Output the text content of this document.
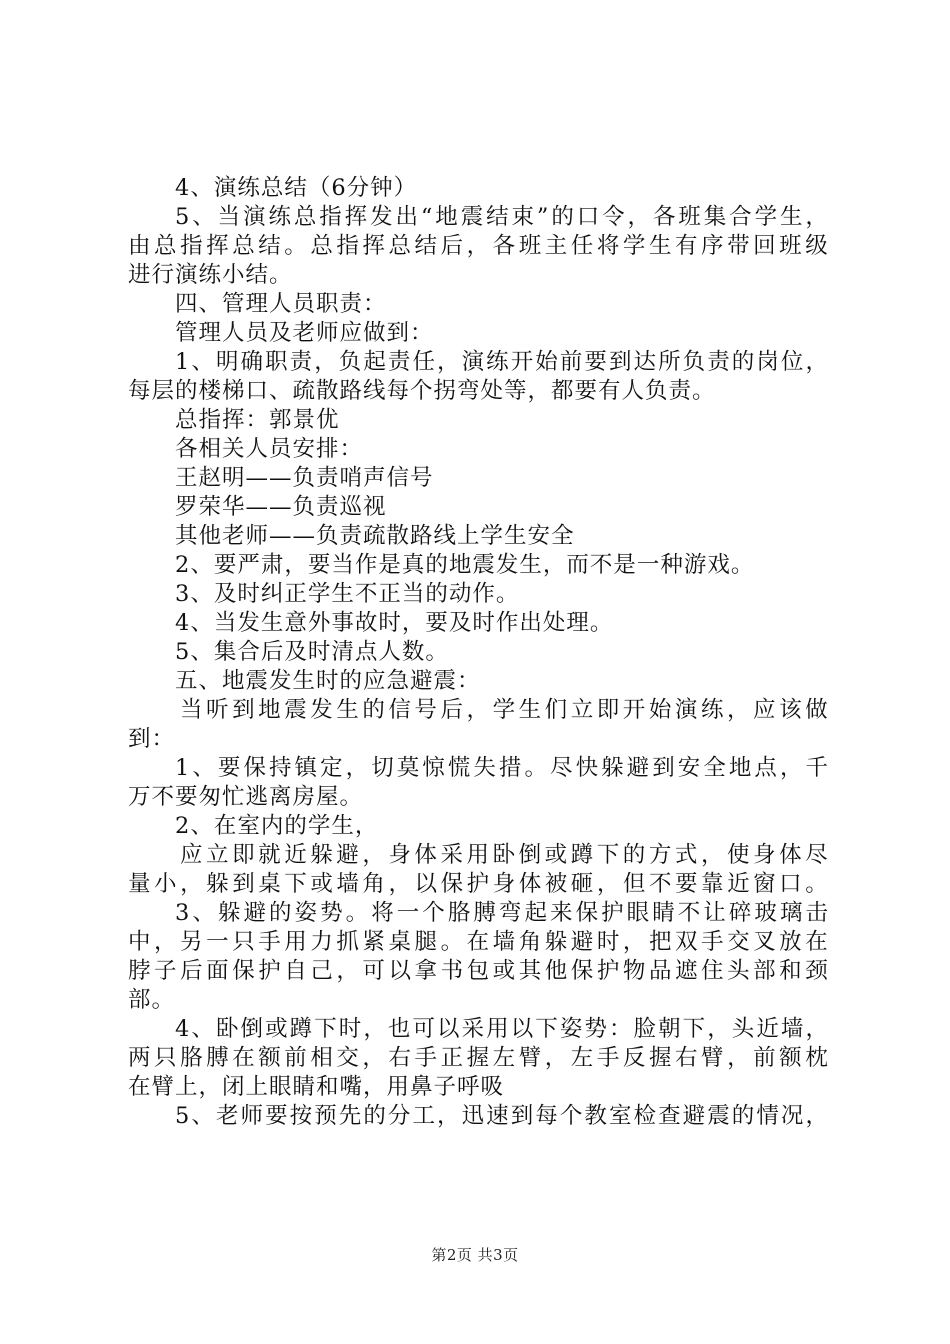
4、演练总结（6分钟）
5 、 当 演 练 总 指 挥 发 出 “ 地 震 结 束 ” 的 口 令 ， 各 班 集 合 学 生 ，
由 总 指 挥 总 结 。 总 指 挥 总 结 后 ， 各 班 主 任 将 学 生 有 序 带 回 班 级
进行演练小结。
四、管理人员职责：
管理人员及老师应做到：
1 、 明 确 职 责 ， 负 起 责 任 ， 演 练 开 始 前 要 到 达 所 负 责 的 岗 位 ，
每层的楼梯口、疏散路线每个拐弯处等，都要有人负责。
总指挥：郭景优
各相关人员安排：
王赵明——负责哨声信号
罗荣华——负责巡视
其他老师——负责疏散路线上学生安全
2、要严肃，要当作是真的地震发生，而不是一种游戏。
3、及时纠正学生不正当的动作。
4、当发生意外事故时，要及时作出处理。
5、集合后及时清点人数。
五、地震发生时的应急避震：
当 听 到 地 震 发 生 的 信 号 后 ， 学 生 们 立 即 开 始 演 练 ， 应 该 做
到：
1 、 要 保 持 镇 定 ， 切 莫 惊 慌 失 措 。 尽 快 躲 避 到 安 全 地 点 ， 千
万不要匆忙逃离房屋。
2、在室内的学生，
应 立 即 就 近 躲 避 ， 身 体 采 用 卧 倒 或 蹲 下 的 方 式 ， 使 身 体 尽
量 小 ， 躲 到 桌 下 或 墙 角 ， 以 保 护 身 体 被 砸 ， 但 不 要 靠 近 窗 口 。
3 、 躲 避 的 姿 势 。 将 一 个 胳 膊 弯 起 来 保 护 眼 睛 不 让 碎 玻 璃 击
中 ， 另 一 只 手 用 力 抓 紧 桌 腿 。 在 墙 角 躲 避 时 ， 把 双 手 交 叉 放 在
脖 子 后 面 保 护 自 己 ， 可 以 拿 书 包 或 其 他 保 护 物 品 遮 住 头 部 和 颈
部。
4 、 卧 倒 或 蹲 下 时 ， 也 可 以 采 用 以 下 姿 势 ： 脸 朝 下 ， 头 近 墙 ，
两 只 胳 膊 在 额 前 相 交 ， 右 手 正 握 左 臂 ， 左 手 反 握 右 臂 ， 前 额 枕
在臂上，闭上眼睛和嘴，用鼻子呼吸
5 、 老 师 要 按 预 先 的 分 工 ， 迅 速 到 每 个 教 室 检 查 避 震 的 情 况 ，
第2页 共3页
